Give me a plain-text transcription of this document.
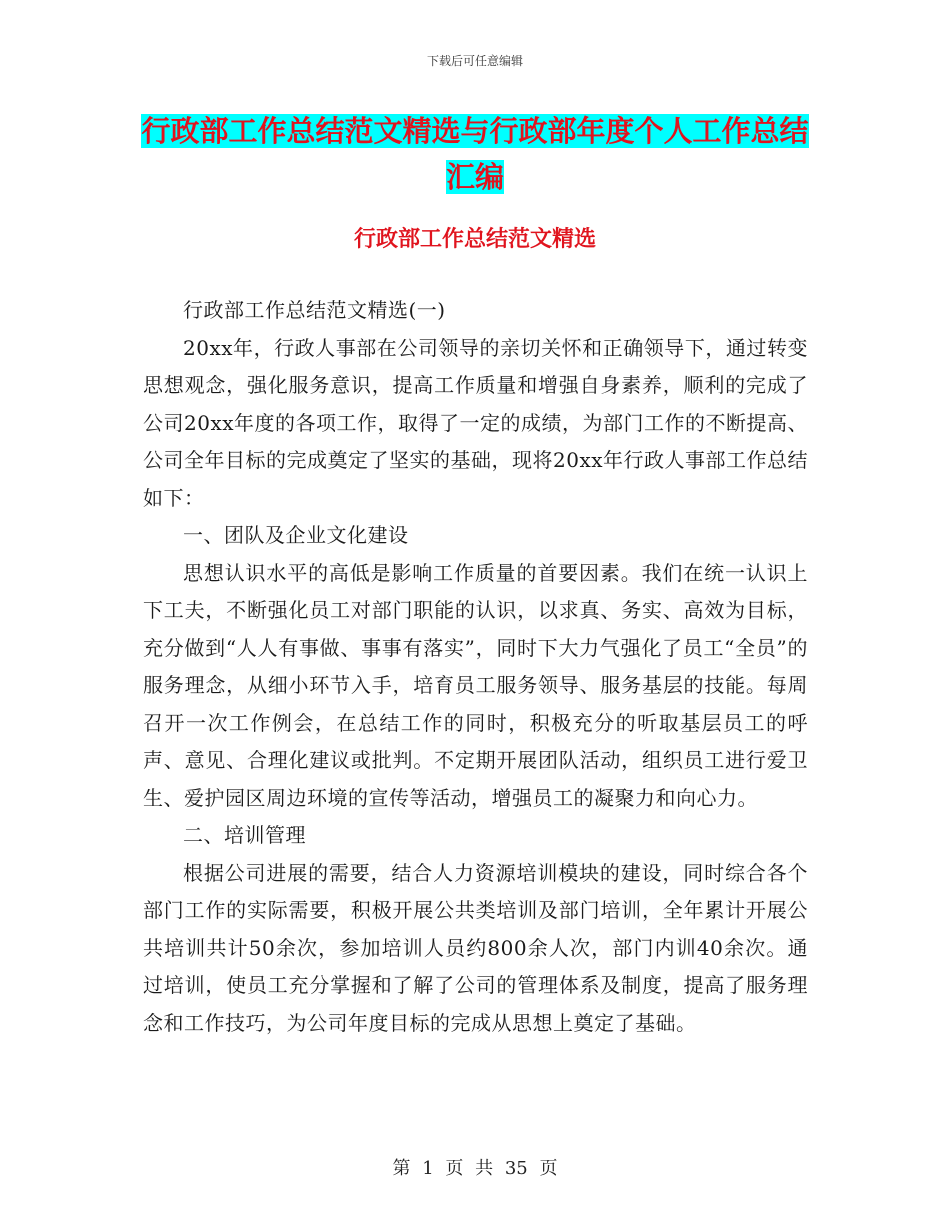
下载后可任意编辑
行政部工作总结范文精选与行政部年度个人工作总结汇编
行政部工作总结范文精选

行政部工作总结范文精选(一)

20xx年，行政人事部在公司领导的亲切关怀和正确领导下，通过转变思想观念，强化服务意识，提高工作质量和增强自身素养，顺利的完成了公司20xx年度的各项工作，取得了一定的成绩，为部门工作的不断提高、公司全年目标的完成奠定了坚实的基础，现将20xx年行政人事部工作总结如下：

一、团队及企业文化建设

思想认识水平的高低是影响工作质量的首要因素。我们在统一认识上下工夫，不断强化员工对部门职能的认识，以求真、务实、高效为目标，充分做到“人人有事做、事事有落实”，同时下大力气强化了员工“全员”的服务理念，从细小环节入手，培育员工服务领导、服务基层的技能。每周召开一次工作例会，在总结工作的同时，积极充分的听取基层员工的呼声、意见、合理化建议或批判。不定期开展团队活动，组织员工进行爱卫生、爱护园区周边环境的宣传等活动，增强员工的凝聚力和向心力。

二、培训管理

根据公司进展的需要，结合人力资源培训模块的建设，同时综合各个部门工作的实际需要，积极开展公共类培训及部门培训，全年累计开展公共培训共计50余次，参加培训人员约800余人次，部门内训40余次。通过培训，使员工充分掌握和了解了公司的管理体系及制度，提高了服务理念和工作技巧，为公司年度目标的完成从思想上奠定了基础。

第 1 页 共 35 页
